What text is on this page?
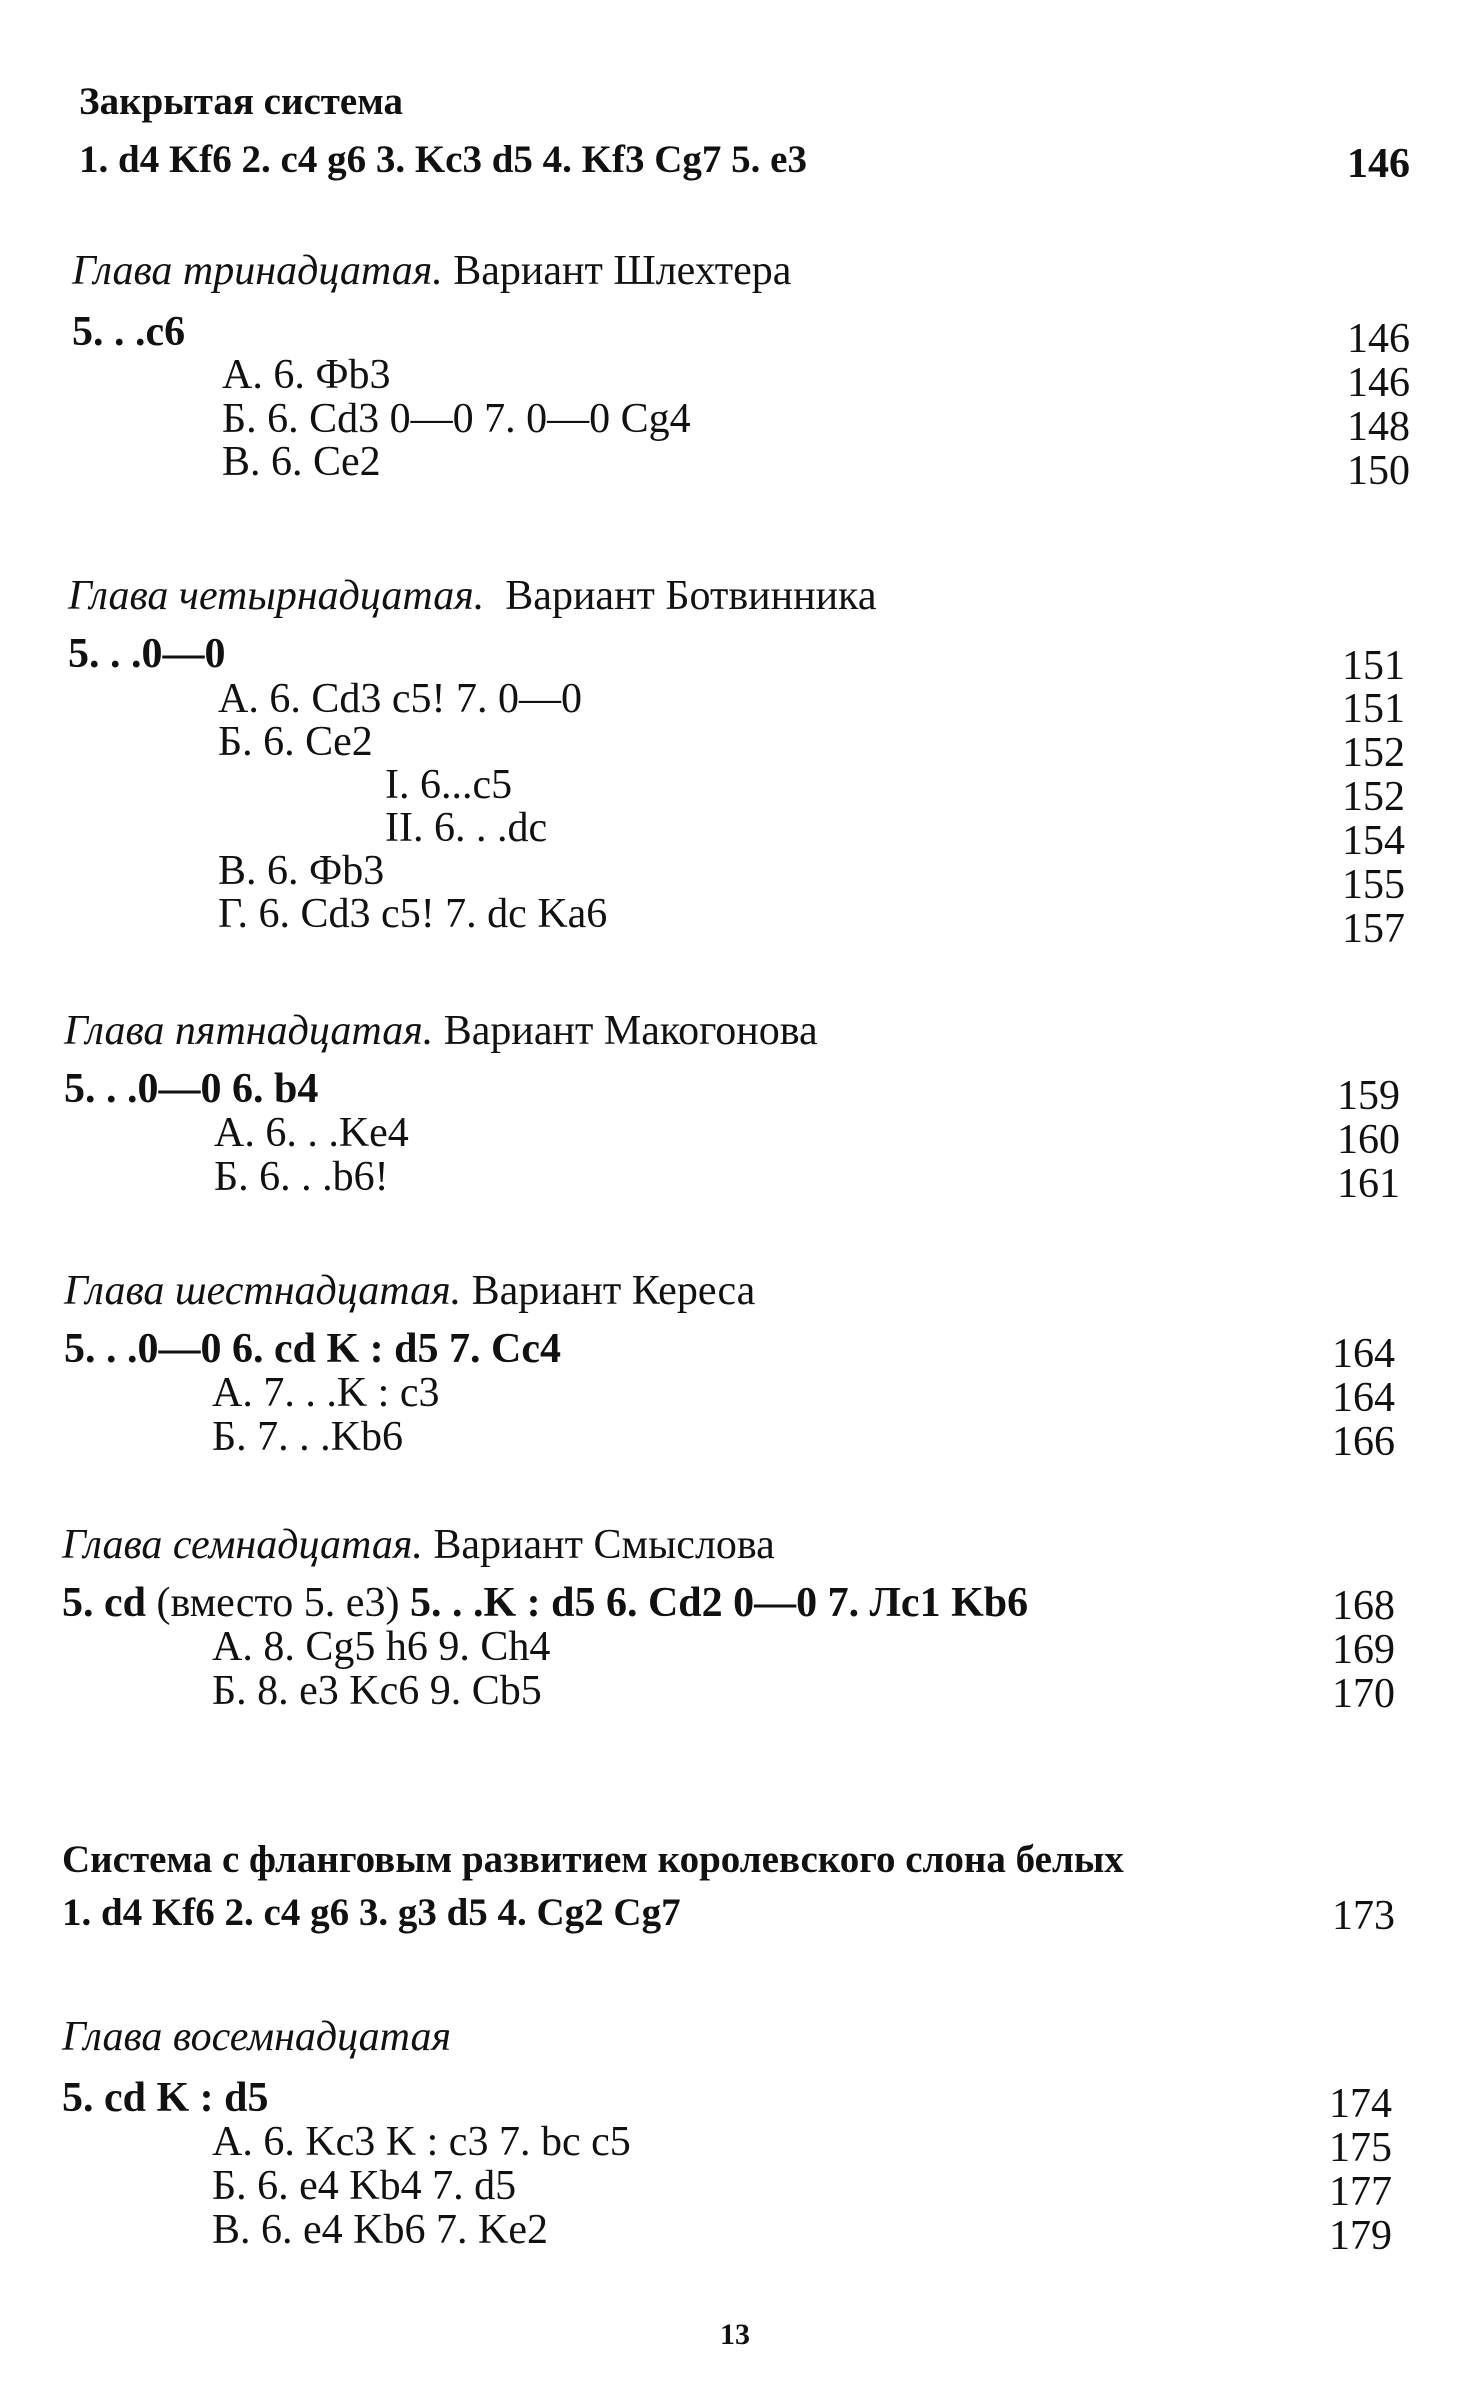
Закрытая система
1. d4 Kf6 2. c4 g6 3. Kc3 d5 4. Kf3 Cg7 5. e3	146
Глава тринадцатая. Вариант Шлехтера
5. . .c6	146
А. 6. Фb3	146
Б. 6. Cd3 0—0 7. 0—0 Cg4	148
В. 6. Ce2	150
Глава четырнадцатая. Вариант Ботвинника
5. . .0—0	151
А. 6. Cd3 c5! 7. 0—0	151
Б. 6. Ce2	152
I. 6...c5	152
II. 6. . .dc	154
В. 6. Фb3	155
Г. 6. Cd3 c5! 7. dc Ka6	157
Глава пятнадцатая. Вариант Макогонова
5. . .0—0 6. b4	159
А. 6. . .Ke4	160
Б. 6. . .b6!	161
Глава шестнадцатая. Вариант Кереса
5. . .0—0 6. cd K : d5 7. Cc4	164
А. 7. . .K : c3	164
Б. 7. . .Kb6	166
Глава семнадцатая. Вариант Смыслова
5. cd (вместо 5. e3) 5. . .K : d5 6. Cd2 0—0 7. Лc1 Kb6	168
А. 8. Cg5 h6 9. Ch4	169
Б. 8. e3 Kc6 9. Cb5	170
Система с фланговым развитием королевского слона белых
1. d4 Kf6 2. c4 g6 3. g3 d5 4. Cg2 Cg7	173
Глава восемнадцатая
5. cd K : d5	174
А. 6. Kc3 K : c3 7. bc c5	175
Б. 6. e4 Kb4 7. d5	177
В. 6. e4 Kb6 7. Ke2	179
13
